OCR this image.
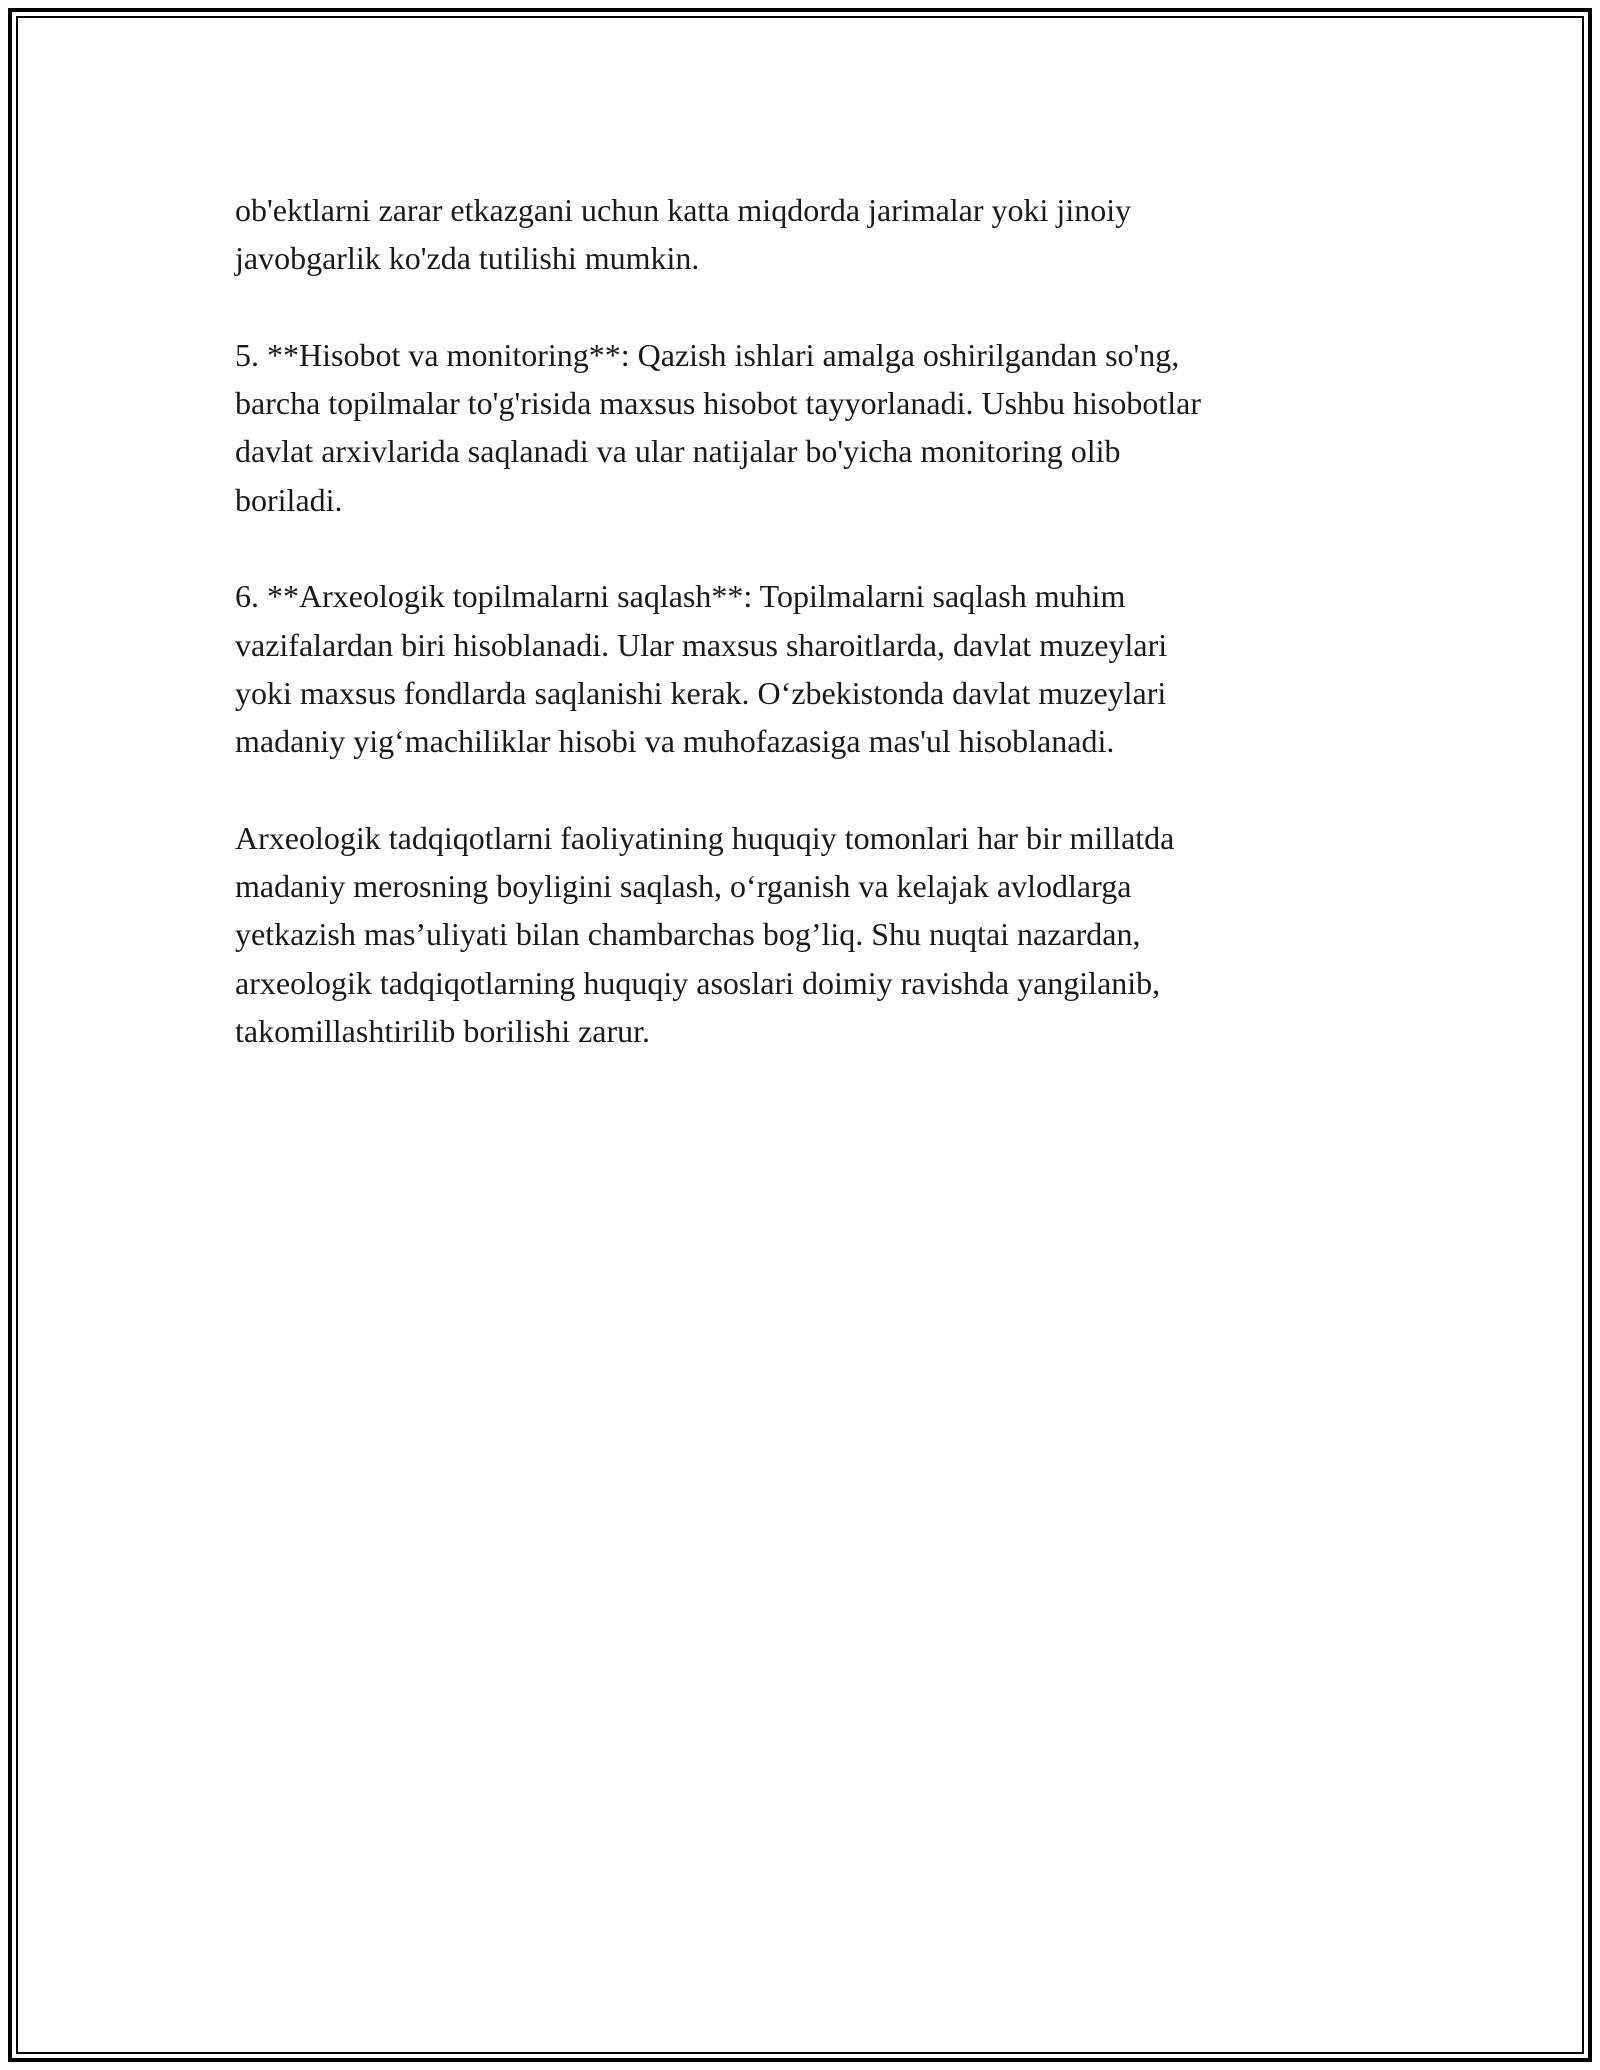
ob'ektlarni zarar etkazgani uchun katta miqdorda jarimalar yoki jinoiy
javobgarlik ko'zda tutilishi mumkin.

5. **Hisobot va monitoring**: Qazish ishlari amalga oshirilgandan so'ng,
barcha topilmalar to'g'risida maxsus hisobot tayyorlanadi. Ushbu hisobotlar
davlat arxivlarida saqlanadi va ular natijalar bo'yicha monitoring olib
boriladi.

6. **Arxeologik topilmalarni saqlash**: Topilmalarni saqlash muhim
vazifalardan biri hisoblanadi. Ular maxsus sharoitlarda, davlat muzeylari
yoki maxsus fondlarda saqlanishi kerak. O‘zbekistonda davlat muzeylari
madaniy yig‘machiliklar hisobi va muhofazasiga mas'ul hisoblanadi.

Arxeologik tadqiqotlarni faoliyatining huquqiy tomonlari har bir millatda
madaniy merosning boyligini saqlash, o‘rganish va kelajak avlodlarga
yetkazish mas’uliyati bilan chambarchas bog’liq. Shu nuqtai nazardan,
arxeologik tadqiqotlarning huquqiy asoslari doimiy ravishda yangilanib,
takomillashtirilib borilishi zarur.
